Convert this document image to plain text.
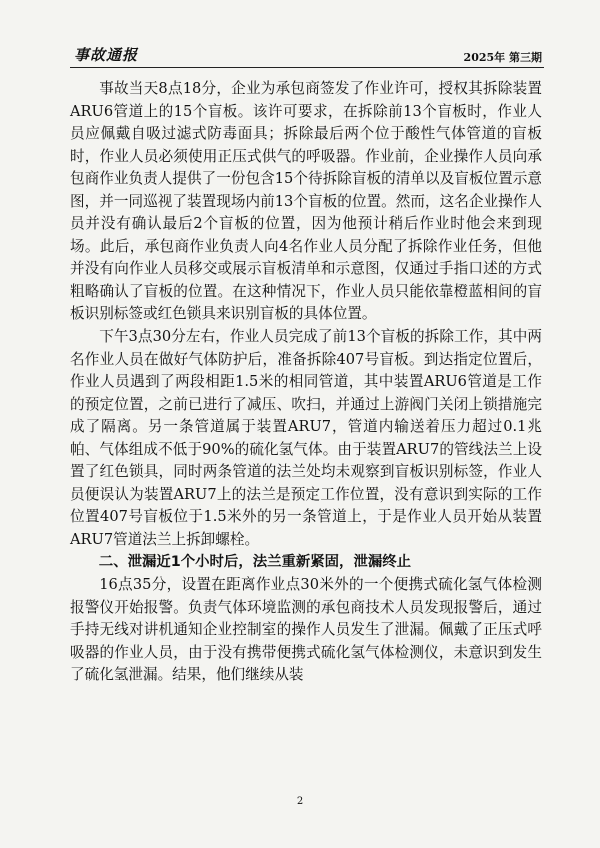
事故通报	2025年 第三期

事故当天8点18分，企业为承包商签发了作业许可，授权其拆除装置ARU6管道上的15个盲板。该许可要求，在拆除前13个盲板时，作业人员应佩戴自吸过滤式防毒面具；拆除最后两个位于酸性气体管道的盲板时，作业人员必须使用正压式供气的呼吸器。作业前，企业操作人员向承包商作业负责人提供了一份包含15个待拆除盲板的清单以及盲板位置示意图，并一同巡视了装置现场内前13个盲板的位置。然而，这名企业操作人员并没有确认最后2个盲板的位置，因为他预计稍后作业时他会来到现场。此后，承包商作业负责人向4名作业人员分配了拆除作业任务，但他并没有向作业人员移交或展示盲板清单和示意图，仅通过手指口述的方式粗略确认了盲板的位置。在这种情况下，作业人员只能依靠橙蓝相间的盲板识别标签或红色锁具来识别盲板的具体位置。

下午3点30分左右，作业人员完成了前13个盲板的拆除工作，其中两名作业人员在做好气体防护后，准备拆除407号盲板。到达指定位置后，作业人员遇到了两段相距1.5米的相同管道，其中装置ARU6管道是工作的预定位置，之前已进行了减压、吹扫，并通过上游阀门关闭上锁措施完成了隔离。另一条管道属于装置ARU7，管道内输送着压力超过0.1兆帕、气体组成不低于90%的硫化氢气体。由于装置ARU7的管线法兰上设置了红色锁具，同时两条管道的法兰处均未观察到盲板识别标签，作业人员便误认为装置ARU7上的法兰是预定工作位置，没有意识到实际的工作位置407号盲板位于1.5米外的另一条管道上，于是作业人员开始从装置ARU7管道法兰上拆卸螺栓。

二、泄漏近1个小时后，法兰重新紧固，泄漏终止

16点35分，设置在距离作业点30米外的一个便携式硫化氢气体检测报警仪开始报警。负责气体环境监测的承包商技术人员发现报警后，通过手持无线对讲机通知企业控制室的操作人员发生了泄漏。佩戴了正压式呼吸器的作业人员，由于没有携带便携式硫化氢气体检测仪，未意识到发生了硫化氢泄漏。结果，他们继续从装

2
